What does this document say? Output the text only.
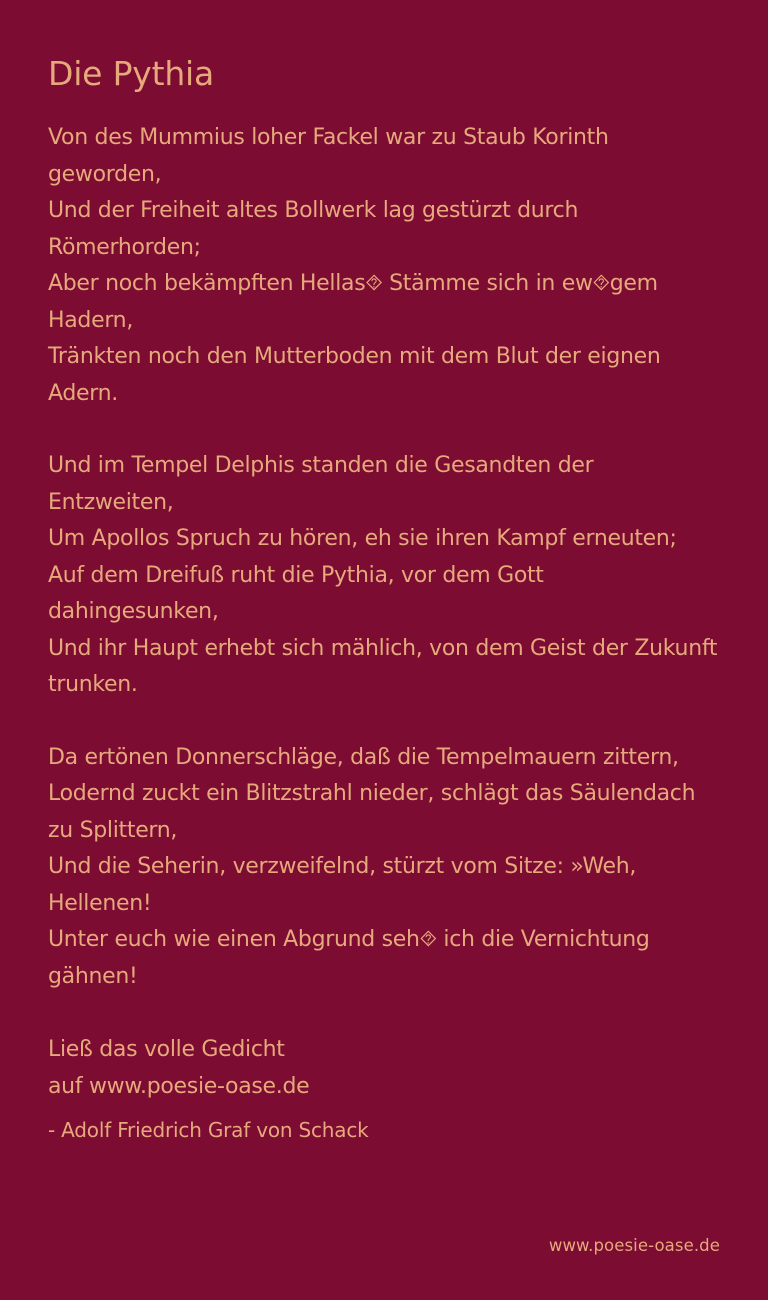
Die Pythia
Von des Mummius loher Fackel war zu Staub Korinth geworden,
Und der Freiheit altes Bollwerk lag gestürzt durch Römerhorden;
Aber noch bekämpften Hellas⯑ Stämme sich in ew⯑gem Hadern,
Tränkten noch den Mutterboden mit dem Blut der eignen Adern.
Und im Tempel Delphis standen die Gesandten der Entzweiten,
Um Apollos Spruch zu hören, eh sie ihren Kampf erneuten;
Auf dem Dreifuß ruht die Pythia, vor dem Gott dahingesunken,
Und ihr Haupt erhebt sich mählich, von dem Geist der Zukunft trunken.
Da ertönen Donnerschläge, daß die Tempelmauern zittern,
Lodernd zuckt ein Blitzstrahl nieder, schlägt das Säulendach zu Splittern,
Und die Seherin, verzweifelnd, stürzt vom Sitze: »Weh, Hellenen!
Unter euch wie einen Abgrund seh⯑ ich die Vernichtung gähnen!
Ließ das volle Gedicht
auf www.poesie-oase.de
- Adolf Friedrich Graf von Schack
www.poesie-oase.de
